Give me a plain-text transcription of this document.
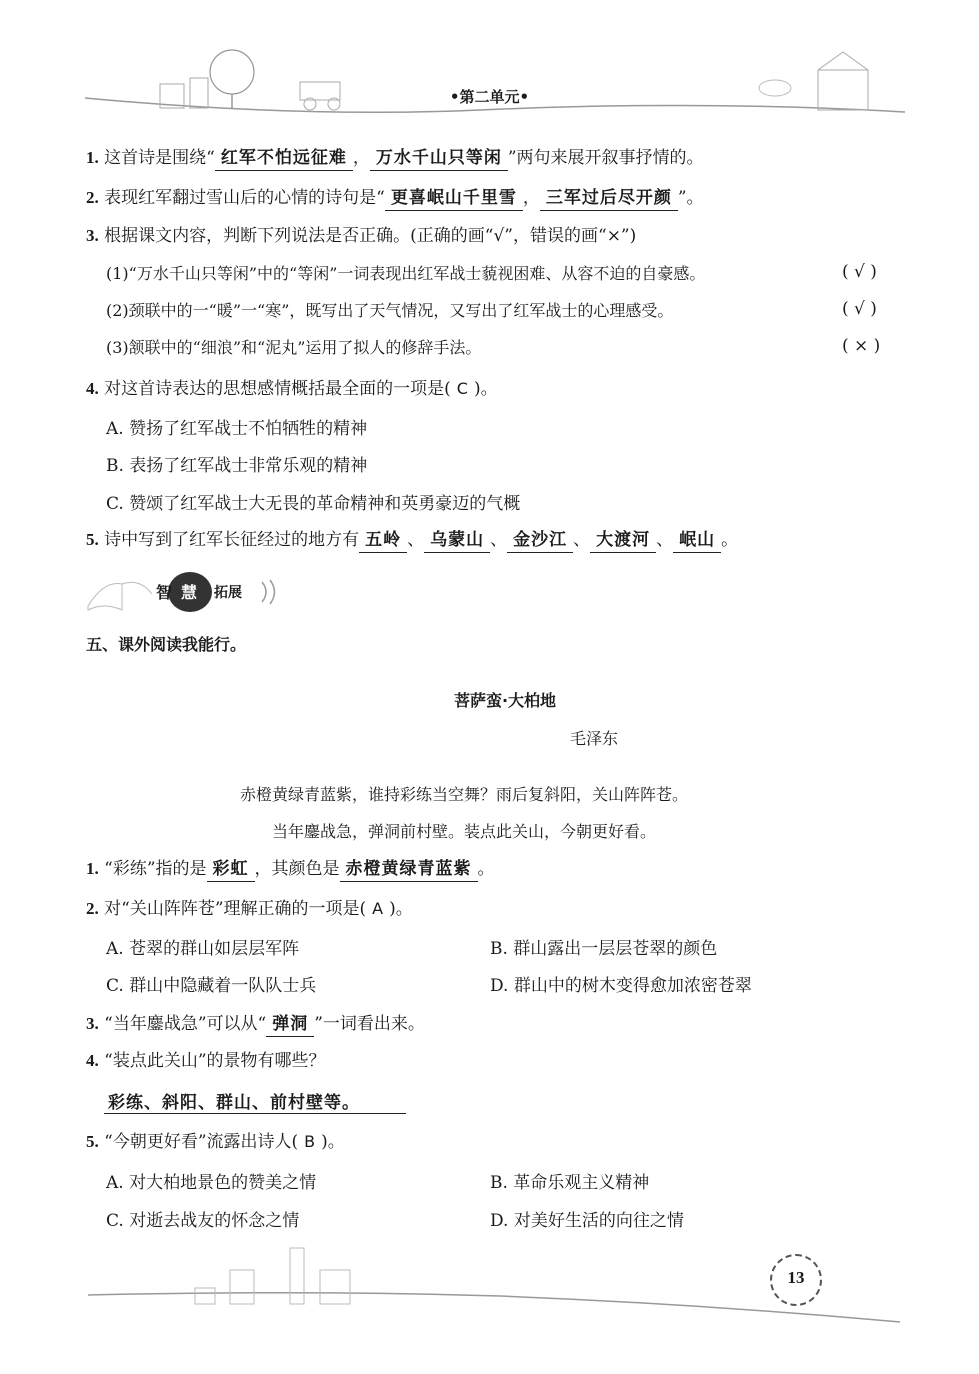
•第二单元•
1. 这首诗是围绕“ 红军不怕远征难 ， 万水千山只等闲 ”两句来展开叙事抒情的。
2. 表现红军翻过雪山后的心情的诗句是“ 更喜岷山千里雪 ， 三军过后尽开颜 ”。
3. 根据课文内容，判断下列说法是否正确。(正确的画“√”，错误的画“×”)
(1)“万水千山只等闲”中的“等闲”一词表现出红军战士藐视困难、从容不迫的自豪感。	( √ )
(2)颈联中的一“暖”一“寒”，既写出了天气情况，又写出了红军战士的心理感受。	( √ )
(3)颔联中的“细浪”和“泥丸”运用了拟人的修辞手法。	( × )
4. 对这首诗表达的思想感情概括最全面的一项是( C )。
A. 赞扬了红军战士不怕牺牲的精神
B. 表扬了红军战士非常乐观的精神
C. 赞颂了红军战士大无畏的革命精神和英勇豪迈的气概
5. 诗中写到了红军长征经过的地方有 五岭 、 乌蒙山 、 金沙江 、 大渡河 、 岷山 。
智 慧 拓展
五、课外阅读我能行。
菩萨蛮·大柏地
毛泽东
赤橙黄绿青蓝紫，谁持彩练当空舞？雨后复斜阳，关山阵阵苍。
当年鏖战急，弹洞前村壁。装点此关山，今朝更好看。
1. “彩练”指的是 彩虹 ，其颜色是 赤橙黄绿青蓝紫 。
2. 对“关山阵阵苍”理解正确的一项是( A )。
A. 苍翠的群山如层层军阵	B. 群山露出一层层苍翠的颜色
C. 群山中隐藏着一队队士兵	D. 群山中的树木变得愈加浓密苍翠
3. “当年鏖战急”可以从“ 弹洞 ”一词看出来。
4. “装点此关山”的景物有哪些？
彩练、斜阳、群山、前村壁等。
5. “今朝更好看”流露出诗人( B )。
A. 对大柏地景色的赞美之情	B. 革命乐观主义精神
C. 对逝去战友的怀念之情	D. 对美好生活的向往之情
13
